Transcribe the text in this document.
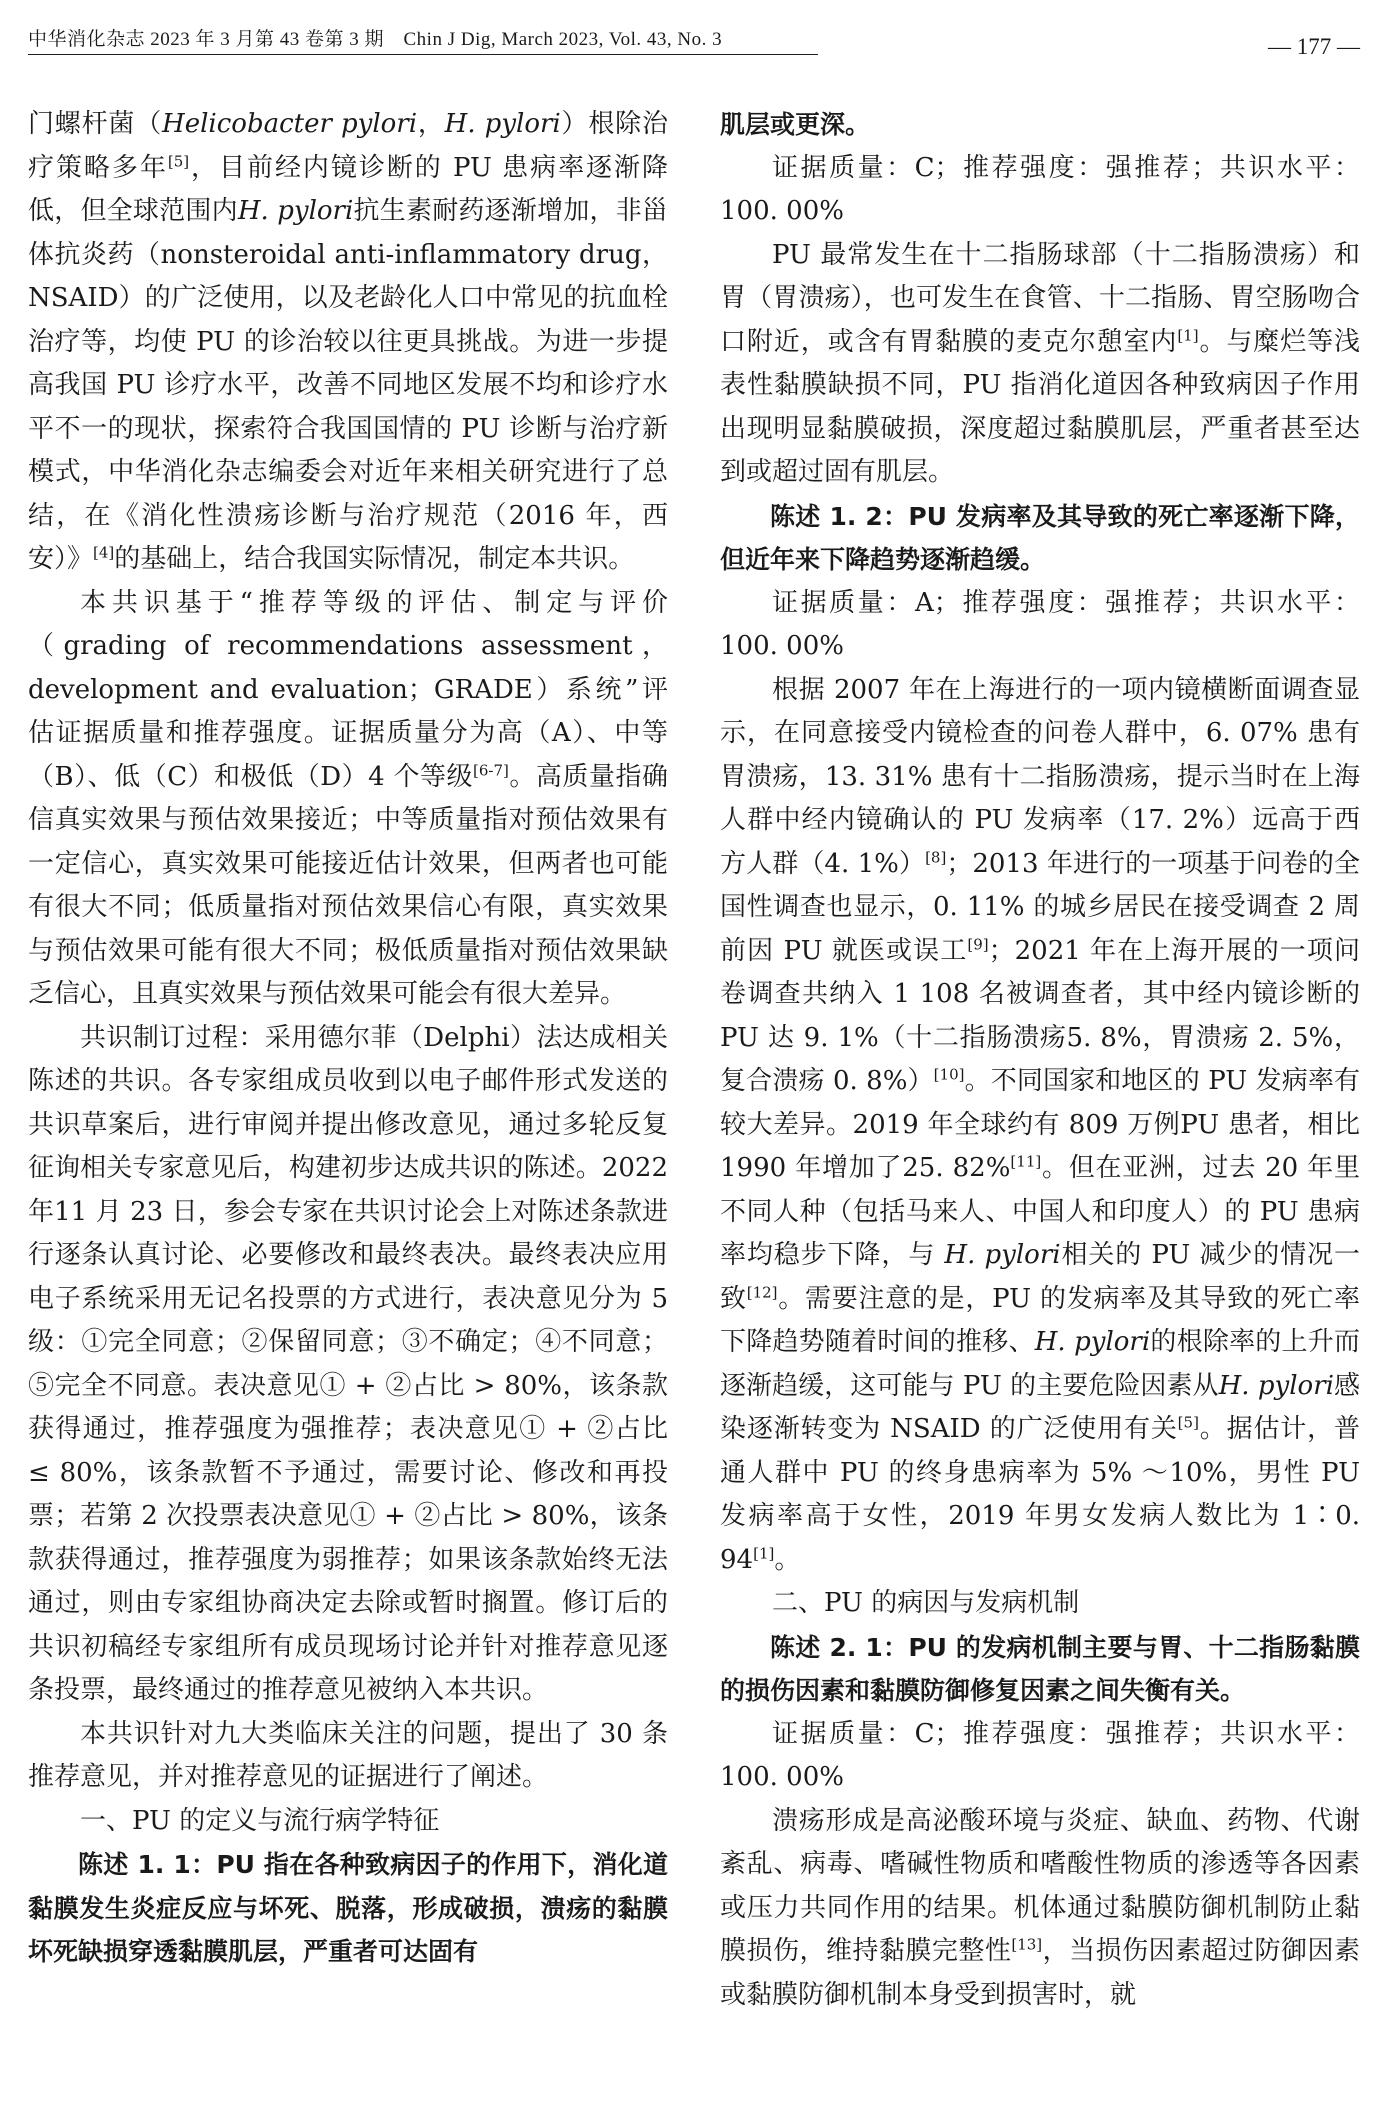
中华消化杂志 2023 年 3 月第 43 卷第 3 期　Chin J Dig, March 2023, Vol. 43, No. 3	— 177 —

门螺杆菌（Helicobacter pylori，H. pylori）根除治疗策略多年[5]，目前经内镜诊断的 PU 患病率逐渐降低，但全球范围内H. pylori抗生素耐药逐渐增加，非甾体抗炎药（nonsteroidal anti-inflammatory drug，NSAID）的广泛使用，以及老龄化人口中常见的抗血栓治疗等，均使 PU 的诊治较以往更具挑战。为进一步提高我国 PU 诊疗水平，改善不同地区发展不均和诊疗水平不一的现状，探索符合我国国情的 PU 诊断与治疗新模式，中华消化杂志编委会对近年来相关研究进行了总结，在《消化性溃疡诊断与治疗规范（2016 年，西安）》[4]的基础上，结合我国实际情况，制定本共识。

本共识基于“推荐等级的评估、制定与评价（grading of recommendations assessment，development and evaluation；GRADE）系统”评估证据质量和推荐强度。证据质量分为高（A）、中等（B）、低（C）和极低（D）4 个等级[6-7]。高质量指确信真实效果与预估效果接近；中等质量指对预估效果有一定信心，真实效果可能接近估计效果，但两者也可能有很大不同；低质量指对预估效果信心有限，真实效果与预估效果可能有很大不同；极低质量指对预估效果缺乏信心，且真实效果与预估效果可能会有很大差异。

共识制订过程：采用德尔菲（Delphi）法达成相关陈述的共识。各专家组成员收到以电子邮件形式发送的共识草案后，进行审阅并提出修改意见，通过多轮反复征询相关专家意见后，构建初步达成共识的陈述。2022 年11 月 23 日，参会专家在共识讨论会上对陈述条款进行逐条认真讨论、必要修改和最终表决。最终表决应用电子系统采用无记名投票的方式进行，表决意见分为 5 级：①完全同意；②保留同意；③不确定；④不同意；⑤完全不同意。表决意见① + ②占比 > 80%，该条款获得通过，推荐强度为强推荐；表决意见① + ②占比 ≤ 80%，该条款暂不予通过，需要讨论、修改和再投票；若第 2 次投票表决意见① + ②占比 > 80%，该条款获得通过，推荐强度为弱推荐；如果该条款始终无法通过，则由专家组协商决定去除或暂时搁置。修订后的共识初稿经专家组所有成员现场讨论并针对推荐意见逐条投票，最终通过的推荐意见被纳入本共识。

本共识针对九大类临床关注的问题，提出了 30 条推荐意见，并对推荐意见的证据进行了阐述。

一、PU 的定义与流行病学特征

陈述 1. 1：PU 指在各种致病因子的作用下，消化道黏膜发生炎症反应与坏死、脱落，形成破损，溃疡的黏膜坏死缺损穿透黏膜肌层，严重者可达固有

肌层或更深。

证据质量：C；推荐强度：强推荐；共识水平：100. 00%

PU 最常发生在十二指肠球部（十二指肠溃疡）和胃（胃溃疡），也可发生在食管、十二指肠、胃空肠吻合口附近，或含有胃黏膜的麦克尔憩室内[1]。与糜烂等浅表性黏膜缺损不同，PU 指消化道因各种致病因子作用出现明显黏膜破损，深度超过黏膜肌层，严重者甚至达到或超过固有肌层。

陈述 1. 2：PU 发病率及其导致的死亡率逐渐下降，但近年来下降趋势逐渐趋缓。

证据质量：A；推荐强度：强推荐；共识水平：100. 00%

根据 2007 年在上海进行的一项内镜横断面调查显示，在同意接受内镜检查的问卷人群中，6. 07% 患有胃溃疡，13. 31% 患有十二指肠溃疡，提示当时在上海人群中经内镜确认的 PU 发病率（17. 2%）远高于西方人群（4. 1%）[8]；2013 年进行的一项基于问卷的全国性调查也显示，0. 11% 的城乡居民在接受调查 2 周前因 PU 就医或误工[9]；2021 年在上海开展的一项问卷调查共纳入 1 108 名被调查者，其中经内镜诊断的 PU 达 9. 1%（十二指肠溃疡5. 8%，胃溃疡 2. 5%，复合溃疡 0. 8%）[10]。不同国家和地区的 PU 发病率有较大差异。2019 年全球约有 809 万例PU 患者，相比 1990 年增加了25. 82%[11]。但在亚洲，过去 20 年里不同人种（包括马来人、中国人和印度人）的 PU 患病率均稳步下降，与 H. pylori相关的 PU 减少的情况一致[12]。需要注意的是，PU 的发病率及其导致的死亡率下降趋势随着时间的推移、H. pylori的根除率的上升而逐渐趋缓，这可能与 PU 的主要危险因素从H. pylori感染逐渐转变为 NSAID 的广泛使用有关[5]。据估计，普通人群中 PU 的终身患病率为 5% ～10%，男性 PU 发病率高于女性，2019 年男女发病人数比为 1∶0. 94[1]。

二、PU 的病因与发病机制

陈述 2. 1：PU 的发病机制主要与胃、十二指肠黏膜的损伤因素和黏膜防御修复因素之间失衡有关。

证据质量：C；推荐强度：强推荐；共识水平：100. 00%

溃疡形成是高泌酸环境与炎症、缺血、药物、代谢紊乱、病毒、嗜碱性物质和嗜酸性物质的渗透等各因素或压力共同作用的结果。机体通过黏膜防御机制防止黏膜损伤，维持黏膜完整性[13]，当损伤因素超过防御因素或黏膜防御机制本身受到损害时，就
